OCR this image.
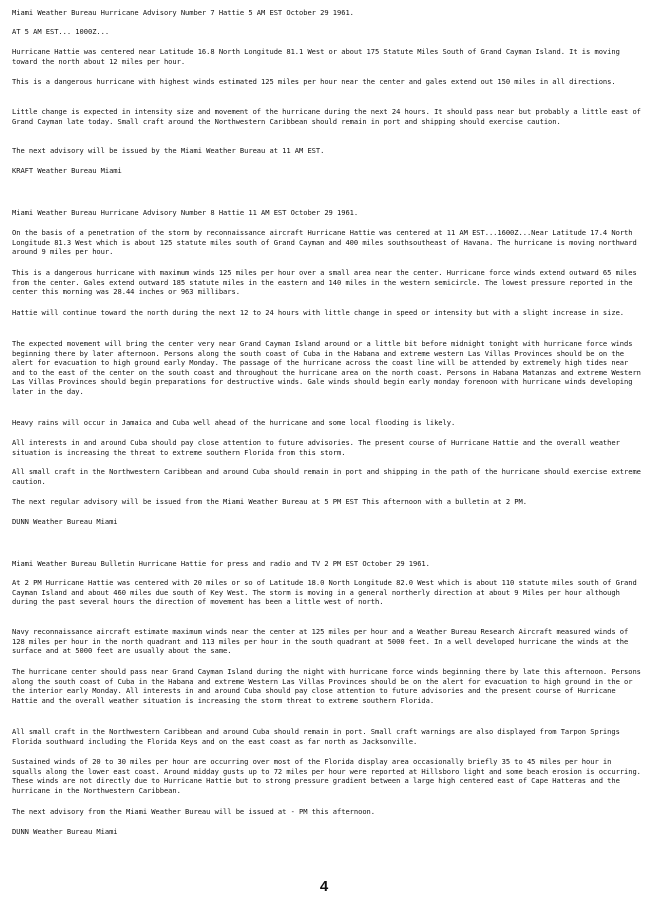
Miami Weather Bureau Hurricane Advisory Number 7 Hattie 5 AM EST October 29 1961.

AT 5 AM EST... 1000Z...

Hurricane Hattie was centered near Latitude 16.8 North Longitude 81.1 West or about 175 Statute Miles South of Grand Cayman Island. It is moving toward the north about 12 miles per hour.

This is a dangerous hurricane with highest winds estimated 125 miles per hour near the center and gales extend out 150 miles in all directions.

Little change is expected in intensity size and movement of the hurricane during the next 24 hours. It should pass near but probably a little east of Grand Cayman late today. Small craft around the Northwestern Caribbean should remain in port and shipping should exercise caution.

The next advisory will be issued by the Miami Weather Bureau at 11 AM EST.

KRAFT Weather Bureau Miami

Miami Weather Bureau Hurricane Advisory Number 8 Hattie 11 AM EST October 29 1961.

On the basis of a penetration of the storm by reconnaissance aircraft Hurricane Hattie was centered at 11 AM EST...1600Z...Near Latitude 17.4 North Longitude 81.3 West which is about 125 statute miles south of Grand Cayman and 400 miles southsoutheast of Havana. The hurricane is moving northward around 9 miles per hour.

This is a dangerous hurricane with maximum winds 125 miles per hour over a small area near the center. Hurricane force winds extend outward 65 miles from the center. Gales extend outward 185 statute miles in the eastern and 140 miles in the western semicircle. The lowest pressure reported in the center this morning was 28.44 inches or 963 millibars.

Hattie will continue toward the north during the next 12 to 24 hours with little change in speed or intensity but with a slight increase in size.

The expected movement will bring the center very near Grand Cayman Island around or a little bit before midnight tonight with hurricane force winds beginning there by later afternoon. Persons along the south coast of Cuba in the Habana and extreme western Las Villas Provinces should be on the alert for evacuation to high ground early Monday. The passage of the hurricane across the coast line will be attended by extremely high tides near and to the east of the center on the south coast and throughout the hurricane area on the north coast. Persons in Habana Matanzas and extreme Western Las Villas Provinces should begin preparations for destructive winds. Gale winds should begin early monday forenoon with hurricane winds developing later in the day.

Heavy rains will occur in Jamaica and Cuba well ahead of the hurricane and some local flooding is likely.

All interests in and around Cuba should pay close attention to future advisories. The present course of Hurricane Hattie and the overall weather situation is increasing the threat to extreme southern Florida from this storm.

All small craft in the Northwestern Caribbean and around Cuba should remain in port and shipping in the path of the hurricane should exercise extreme caution.

The next regular advisory will be issued from the Miami Weather Bureau at 5 PM EST This afternoon with a bulletin at 2 PM.

DUNN Weather Bureau Miami

Miami Weather Bureau Bulletin Hurricane Hattie for press and radio and TV 2 PM EST October 29 1961.

At 2 PM Hurricane Hattie was centered with 20 miles or so of Latitude 18.0 North Longitude 82.0 West which is about 110 statute miles south of Grand Cayman Island and about 460 miles due south of Key West. The storm is moving in a general northerly direction at about 9 Miles per hour although during the past several hours the direction of movement has been a little west of north.

Navy reconnaissance aircraft estimate maximum winds near the center at 125 miles per hour and a Weather Bureau Research Aircraft measured winds of 128 miles per hour in the north quadrant and 113 miles per hour in the south quadrant at 5000 feet. In a well developed hurricane the winds at the surface and at 5000 feet are usually about the same.

The hurricane center should pass near Grand Cayman Island during the night with hurricane force winds beginning there by late this afternoon. Persons along the south coast of Cuba in the Habana and extreme Western Las Villas Provinces should be on the alert for evacuation to high ground in the or the interior early Monday. All interests in and around Cuba should pay close attention to future advisories and the present course of Hurricane Hattie and the overall weather situation is increasing the storm threat to extreme southern Florida.

All small craft in the Northwestern Caribbean and around Cuba should remain in port. Small craft warnings are also displayed from Tarpon Springs Florida southward including the Florida Keys and on the east coast as far north as Jacksonville.

Sustained winds of 20 to 30 miles per hour are occurring over most of the Florida display area occasionally briefly 35 to 45 miles per hour in squalls along the lower east coast. Around midday gusts up to 72 miles per hour were reported at Hillsboro light and some beach erosion is occurring. These winds are not directly due to Hurricane Hattie but to strong pressure gradient between a large high centered east of Cape Hatteras and the hurricane in the Northwestern Caribbean.

The next advisory from the Miami Weather Bureau will be issued at - PM this afternoon.

DUNN Weather Bureau Miami

4
